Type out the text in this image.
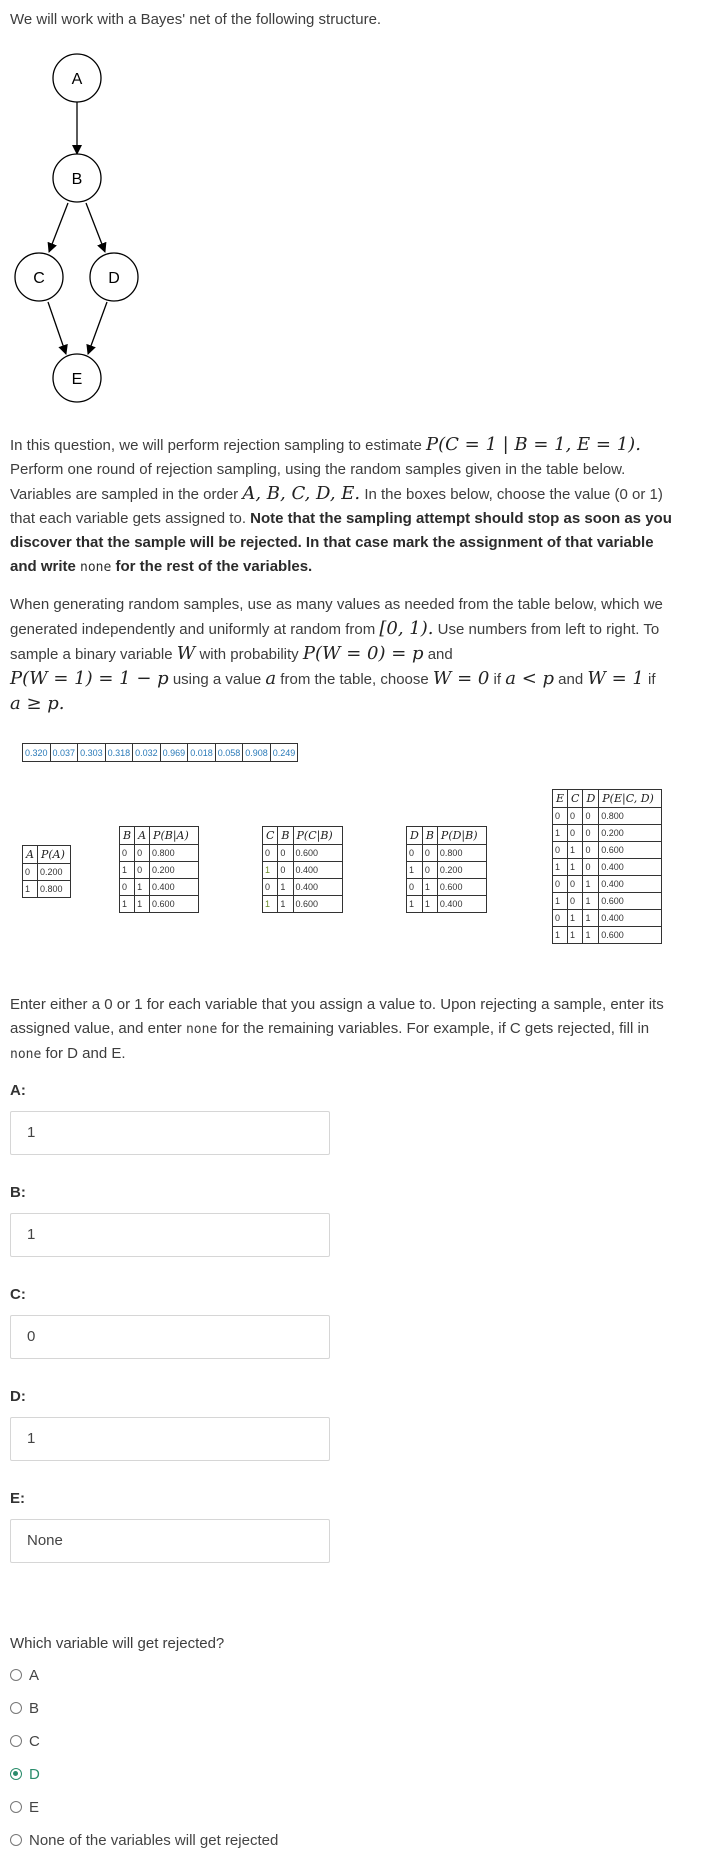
We will work with a Bayes' net of the following structure.
A
B
C	D
E
In this question, we will perform rejection sampling to estimate P(C = 1 | B = 1, E = 1). Perform one round of rejection sampling, using the random samples given in the table below. Variables are sampled in the order A, B, C, D, E. In the boxes below, choose the value (0 or 1) that each variable gets assigned to. Note that the sampling attempt should stop as soon as you discover that the sample will be rejected. In that case mark the assignment of that variable and write none for the rest of the variables.
When generating random samples, use as many values as needed from the table below, which we generated independently and uniformly at random from [0, 1). Use numbers from left to right. To sample a binary variable W with probability P(W = 0) = p and
P(W = 1) = 1 − p using a value a from the table, choose W = 0 if a < p and W = 1 if
a ≥ p.
0.320	0.037	0.303	0.318	0.032	0.969	0.018	0.058	0.908	0.249
A	P(A)
0	0.200
1	0.800
B	A	P(B|A)
0	0	0.800
1	0	0.200
0	1	0.400
1	1	0.600
C	B	P(C|B)
0	0	0.600
1	0	0.400
0	1	0.400
1	1	0.600
D	B	P(D|B)
0	0	0.800
1	0	0.200
0	1	0.600
1	1	0.400
E	C	D	P(E|C, D)
0	0	0	0.800
1	0	0	0.200
0	1	0	0.600
1	1	0	0.400
0	0	1	0.400
1	0	1	0.600
0	1	1	0.400
1	1	1	0.600
Enter either a 0 or 1 for each variable that you assign a value to. Upon rejecting a sample, enter its assigned value, and enter none for the remaining variables. For example, if C gets rejected, fill in none for D and E.
A:
1
B:
1
C:
0
D:
1
E:
None
Which variable will get rejected?
A
B
C
D
E
None of the variables will get rejected
